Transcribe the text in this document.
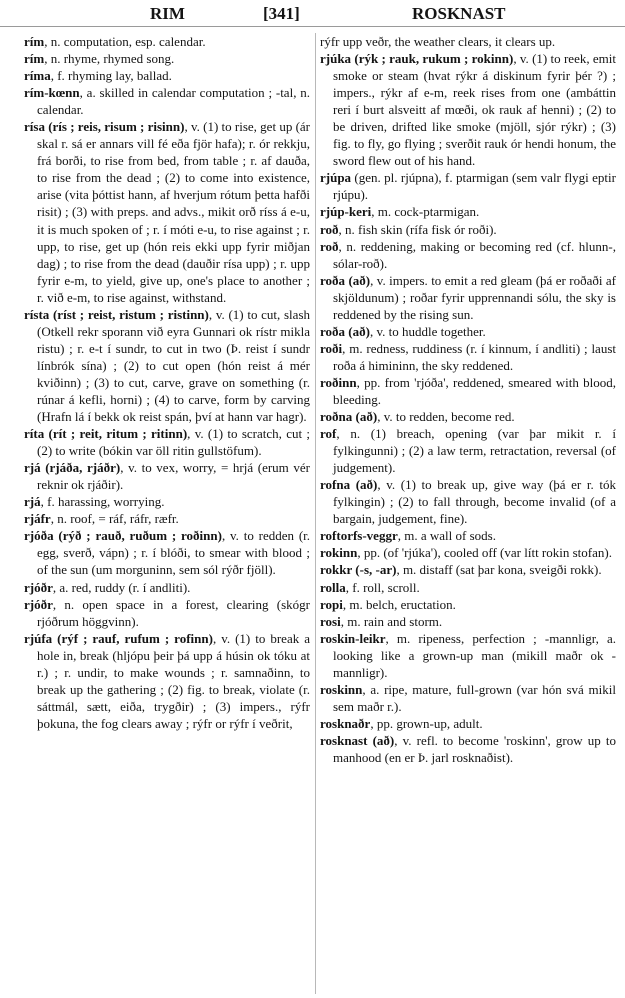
RIM	[341]	ROSKNAST

rím, n. computation, esp. calendar.

rím, n. rhyme, rhymed song.

ríma, f. rhyming lay, ballad.

rím-kœnn, a. skilled in calendar computation ; -tal, n. calendar.

rísa (rís ; reis, risum ; risinn), v. (1) to rise, get up (ár skal r. sá er annars vill fé eða fjör hafa); r. ór rekkju, frá borði, to rise from bed, from table ; r. af dauða, to rise from the dead ; (2) to come into existence, arise (vita þóttist hann, af hverjum rótum þetta hafði risit) ; (3) with preps. and advs., mikit orð ríss á e-u, it is much spoken of ; r. í móti e-u, to rise against ; r. upp, to rise, get up (hón reis ekki upp fyrir miðjan dag) ; to rise from the dead (dauðir rísa upp) ; r. upp fyrir e-m, to yield, give up, one's place to another ; r. við e-m, to rise against, withstand.

rísta (ríst ; reist, ristum ; ristinn), v. (1) to cut, slash (Otkell rekr sporann við eyra Gunnari ok rístr mikla ristu) ; r. e-t í sundr, to cut in two (Þ. reist í sundr línbrók sína) ; (2) to cut open (hón reist á mér kviðinn) ; (3) to cut, carve, grave on something (r. rúnar á kefli, horni) ; (4) to carve, form by carving (Hrafn lá í bekk ok reist spán, því at hann var hagr).

ríta (rít ; reit, ritum ; ritinn), v. (1) to scratch, cut ; (2) to write (bókin var öll ritin gullstöfum).

rjá (rjáða, rjáðr), v. to vex, worry, = hrjá (erum vér reknir ok rjáðir).

rjá, f. harassing, worrying.

rjáfr, n. roof, = ráf, ráfr, ræfr.

rjóða (rýð ; rauð, ruðum ; roðinn), v. to redden (r. egg, sverð, vápn) ; r. í blóði, to smear with blood ; of the sun (um morguninn, sem sól rýðr fjöll).

rjóðr, a. red, ruddy (r. í andliti).

rjóðr, n. open space in a forest, clearing (skógr rjóðrum höggvinn).

rjúfa (rýf ; rauf, rufum ; rofinn), v. (1) to break a hole in, break (hljópu þeir þá upp á húsin ok tóku at r.) ; r. undir, to make wounds ; r. samnaðinn, to break up the gathering ; (2) fig. to break, violate (r. sáttmál, sætt, eiða, trygðir) ; (3) impers., rýfr þokuna, the fog clears away ; rýfr or rýfr í veðrit,

rýfr upp veðr, the weather clears, it clears up.

rjúka (rýk ; rauk, rukum ; rokinn), v. (1) to reek, emit smoke or steam (hvat rýkr á diskinum fyrir þér ?) ; impers., rýkr af e-m, reek rises from one (ambáttin reri í burt alsveitt af mœði, ok rauk af henni) ; (2) to be driven, drifted like smoke (mjöll, sjór rýkr) ; (3) fig. to fly, go flying ; sverðit rauk ór hendi honum, the sword flew out of his hand.

rjúpa (gen. pl. rjúpna), f. ptarmigan (sem valr flygi eptir rjúpu).

rjúp-keri, m. cock-ptarmigan.

roð, n. fish skin (rífa fisk ór roði).

roð, n. reddening, making or becoming red (cf. hlunn-, sólar-roð).

roða (að), v. impers. to emit a red gleam (þá er roðaði af skjöldunum) ; roðar fyrir upprennandi sólu, the sky is reddened by the rising sun.

roða (að), v. to huddle together.

roði, m. redness, ruddiness (r. í kinnum, í andliti) ; laust roða á himininn, the sky reddened.

roðinn, pp. from 'rjóða', reddened, smeared with blood, bleeding.

roðna (að), v. to redden, become red.

rof, n. (1) breach, opening (var þar mikit r. í fylkingunni) ; (2) a law term, retractation, reversal (of judgement).

rofna (að), v. (1) to break up, give way (þá er r. tók fylkingin) ; (2) to fall through, become invalid (of a bargain, judgement, fine).

roftorfs-veggr, m. a wall of sods.

rokinn, pp. (of 'rjúka'), cooled off (var lítt rokin stofan).

rokkr (-s, -ar), m. distaff (sat þar kona, sveigði rokk).

rolla, f. roll, scroll.

ropi, m. belch, eructation.

rosi, m. rain and storm.

roskin-leikr, m. ripeness, perfection ; -mannligr, a. looking like a grown-up man (mikill maðr ok -mannligr).

roskinn, a. ripe, mature, full-grown (var hón svá mikil sem maðr r.).

rosknaðr, pp. grown-up, adult.

rosknast (að), v. refl. to become 'roskinn', grow up to manhood (en er Þ. jarl rosknaðist).
